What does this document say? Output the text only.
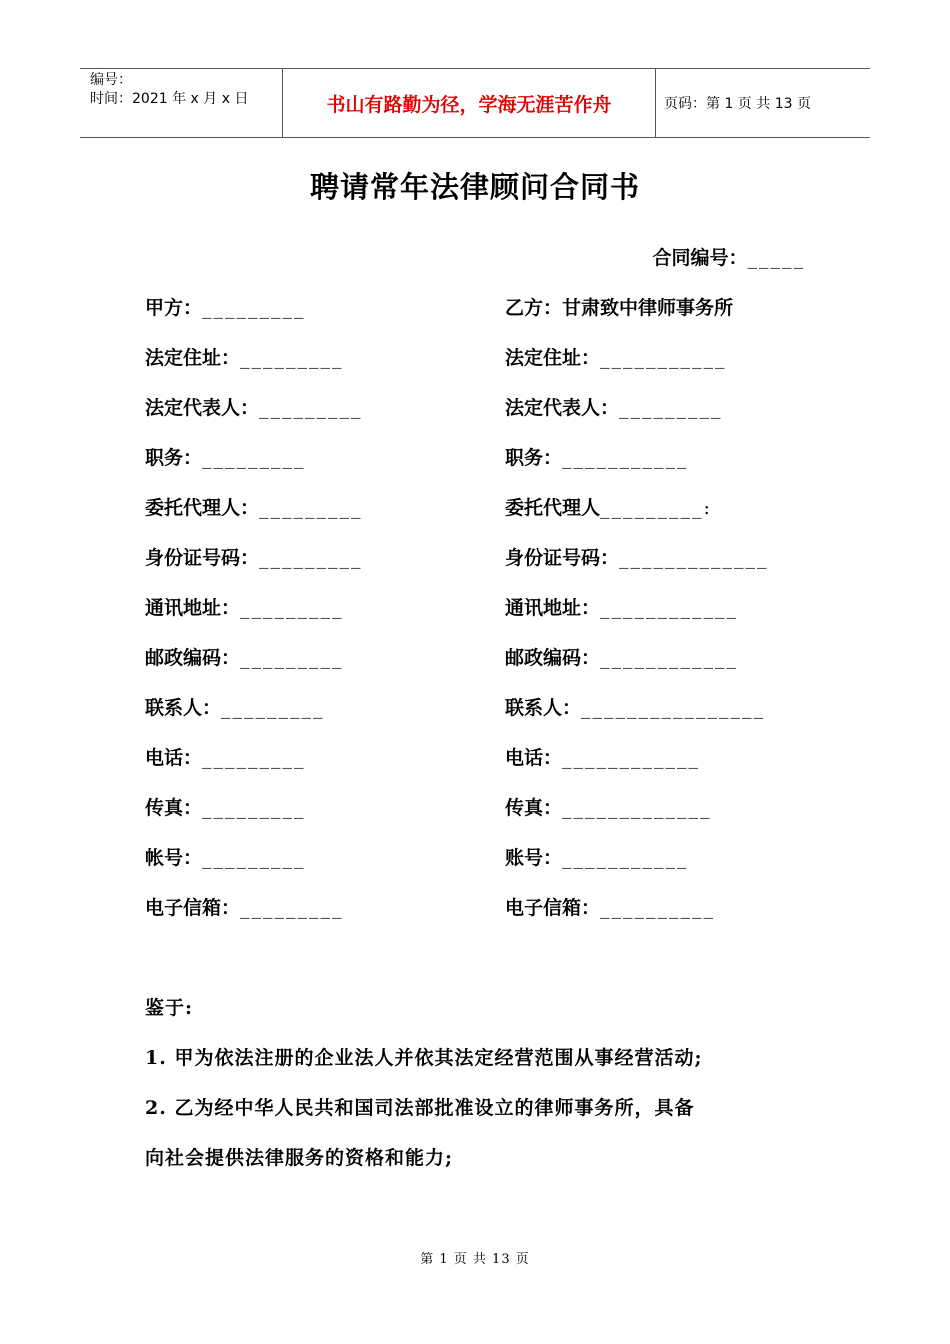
编号：
时间：2021 年 x 月 x 日	书山有路勤为径，学海无涯苦作舟	页码：第 1 页 共 13 页
聘请常年法律顾问合同书
合同编号：_____
甲方：_________
法定住址：_________
法定代表人：_________
职务：_________
委托代理人：_________
身份证号码：_________
通讯地址：_________
邮政编码：_________
联系人：_________
电话：_________
传真：_________
帐号：_________
电子信箱：_________
乙方：甘肃致中律师事务所
法定住址：___________
法定代表人：_________
职务：___________
委托代理人_________:
身份证号码：_____________
通讯地址：____________
邮政编码：____________
联系人：________________
电话：____________
传真：_____________
账号：___________
电子信箱：__________
鉴于:
1. 甲为依法注册的企业法人并依其法定经营范围从事经营活动;
2. 乙为经中华人民共和国司法部批准设立的律师事务所，具备
向社会提供法律服务的资格和能力;
第 1 页 共 13 页
